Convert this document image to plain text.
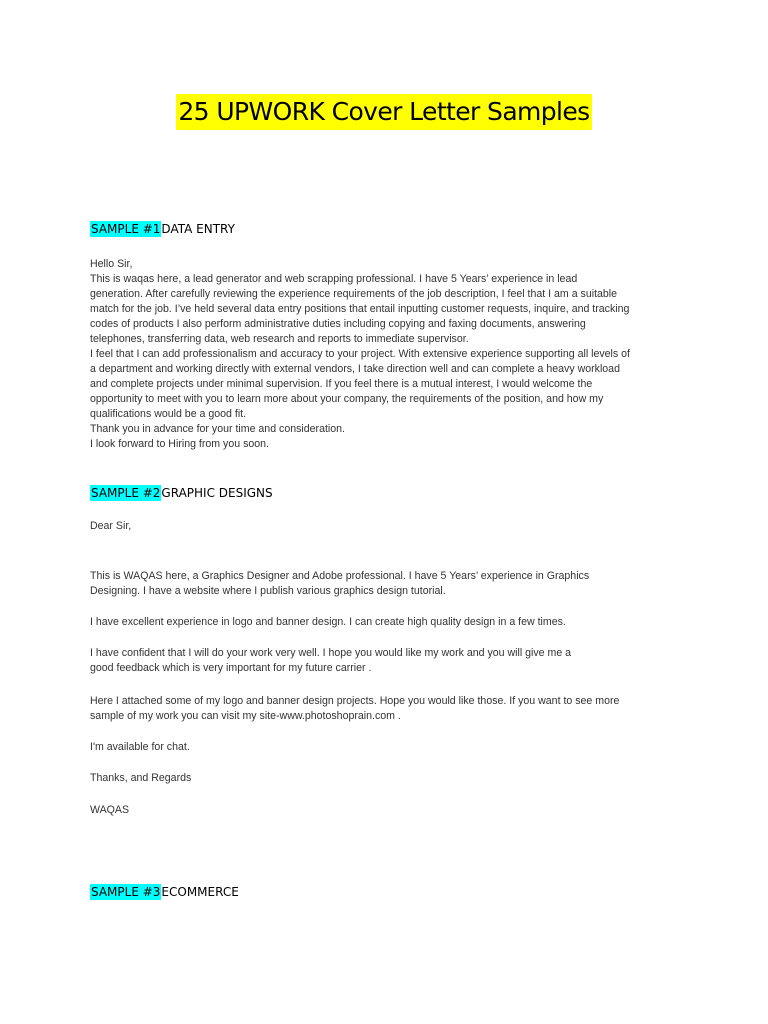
25 UPWORK Cover Letter Samples
SAMPLE #1DATA ENTRY
Hello Sir,
This is waqas here, a lead generator and web scrapping professional. I have 5 Years’ experience in lead
generation. After carefully reviewing the experience requirements of the job description, I feel that I am a suitable
match for the job. I’ve held several data entry positions that entail inputting customer requests, inquire, and tracking
codes of products I also perform administrative duties including copying and faxing documents, answering
telephones, transferring data, web research and reports to immediate supervisor.
I feel that I can add professionalism and accuracy to your project. With extensive experience supporting all levels of
a department and working directly with external vendors, I take direction well and can complete a heavy workload
and complete projects under minimal supervision. If you feel there is a mutual interest, I would welcome the
opportunity to meet with you to learn more about your company, the requirements of the position, and how my
qualifications would be a good fit.
Thank you in advance for your time and consideration.
I look forward to Hiring from you soon.
SAMPLE #2GRAPHIC DESIGNS
Dear Sir,
This is WAQAS here, a Graphics Designer and Adobe professional. I have 5 Years’ experience in Graphics
Designing. I have a website where I publish various graphics design tutorial.
I have excellent experience in logo and banner design. I can create high quality design in a few times.
I have confident that I will do your work very well. I hope you would like my work and you will give me a
good feedback which is very important for my future carrier .
Here I attached some of my logo and banner design projects. Hope you would like those. If you want to see more
sample of my work you can visit my site-www.photoshoprain.com .
I'm available for chat.
Thanks, and Regards
WAQAS
SAMPLE #3ECOMMERCE
